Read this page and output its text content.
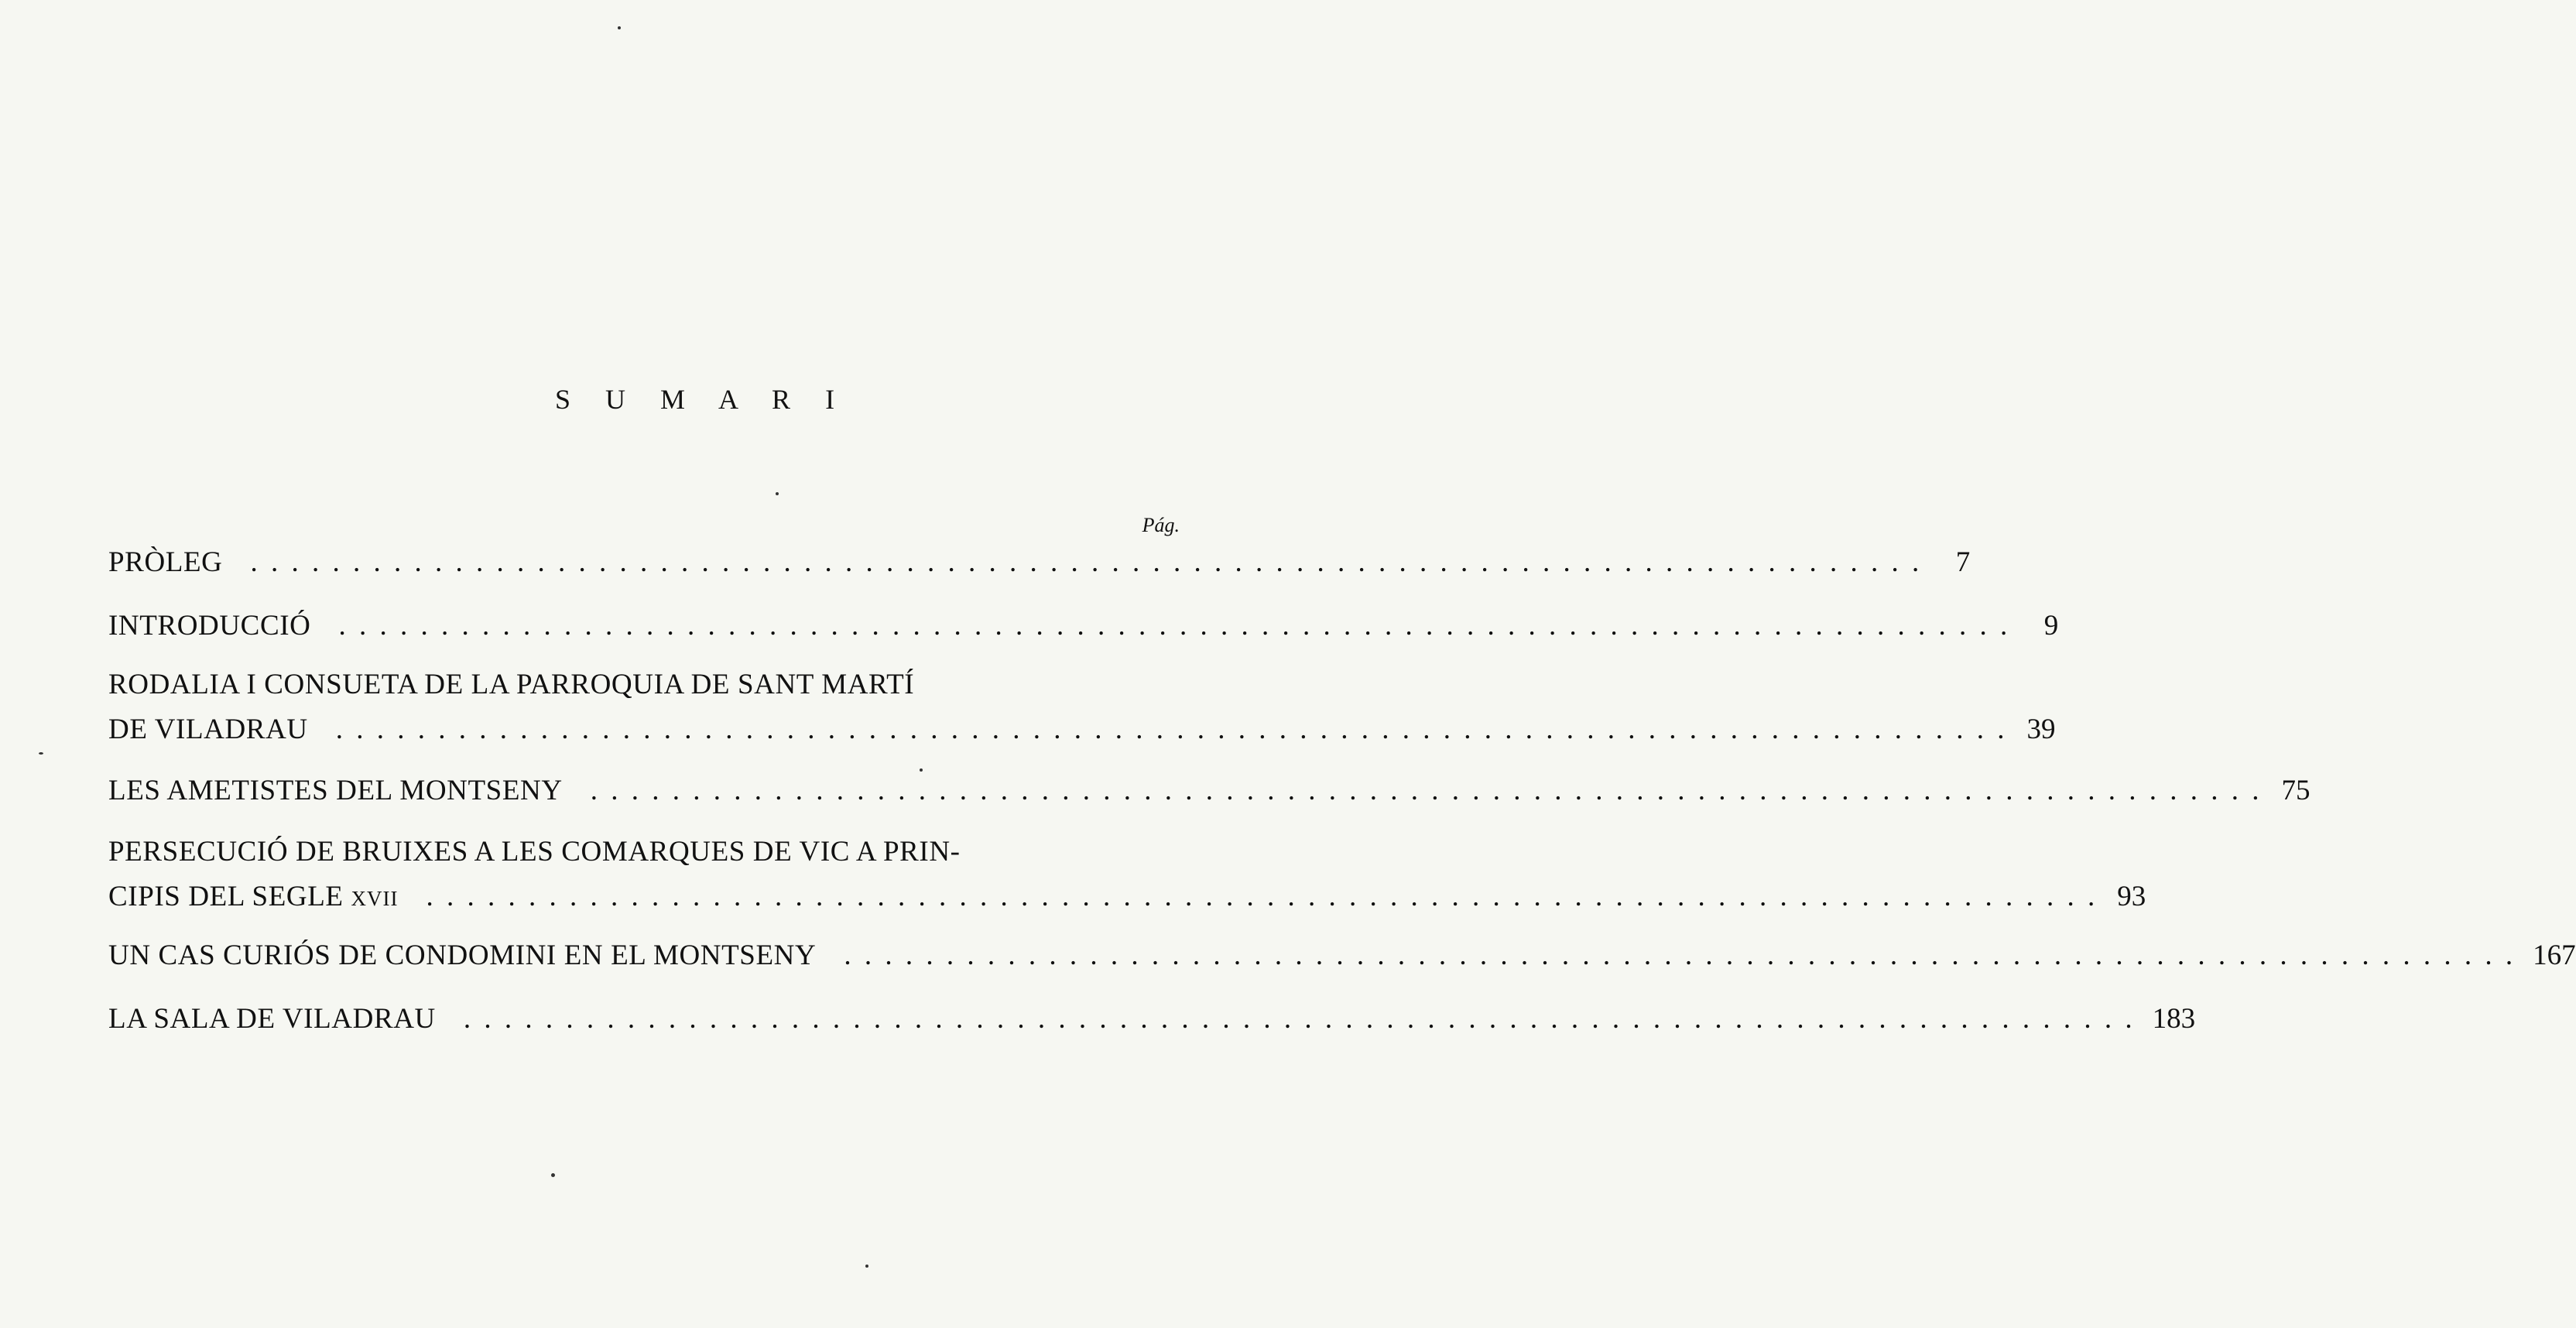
S U M A R I
Pág.
PRÒLEG . . . . . . . . . . . . . . . . . . . . . . . . . . . . . . . . . . . . . . . . . . . . . . . . . . . . . . . . . . . . . . . . . . . . . . . . . . . . . . . . . .	7
INTRODUCCIÓ . . . . . . . . . . . . . . . . . . . . . . . . . . . . . . . . . . . . . . . . . . . . . . . . . . . . . . . . . . . . . . . . . . . . . . . . . . . . . . . . . .	9
RODALIA I CONSUETA DE LA PARROQUIA DE SANT MARTÍ
DE VILADRAU . . . . . . . . . . . . . . . . . . . . . . . . . . . . . . . . . . . . . . . . . . . . . . . . . . . . . . . . . . . . . . . . . . . . . . . . . . . . . . . . . . 39
LES AMETISTES DEL MONTSENY . . . . . . . . . . . . . . . . . . . . . . . . . . . . . . . . . . . . . . . . . . . . . . . . . . . . . . . . . . . . . . . . . . . . . . . . . . . . . . . . . . 75
PERSECUCIÓ DE BRUIXES A LES COMARQUES DE VIC A PRIN-
CIPIS DEL SEGLE XVII . . . . . . . . . . . . . . . . . . . . . . . . . . . . . . . . . . . . . . . . . . . . . . . . . . . . . . . . . . . . . . . . . . . . . . . . . . . . . . . . . . 93
UN CAS CURIÓS DE CONDOMINI EN EL MONTSENY . . . . . . . . . . . . . . . . . . . . . . . . . . . . . . . . . . . . . . . . . . . . . . . . . . . . . . . . . . . . . . . . . . . . . . . . . . . . . . . . . . 167
LA SALA DE VILADRAU . . . . . . . . . . . . . . . . . . . . . . . . . . . . . . . . . . . . . . . . . . . . . . . . . . . . . . . . . . . . . . . . . . . . . . . . . . . . . . . . . . 183
